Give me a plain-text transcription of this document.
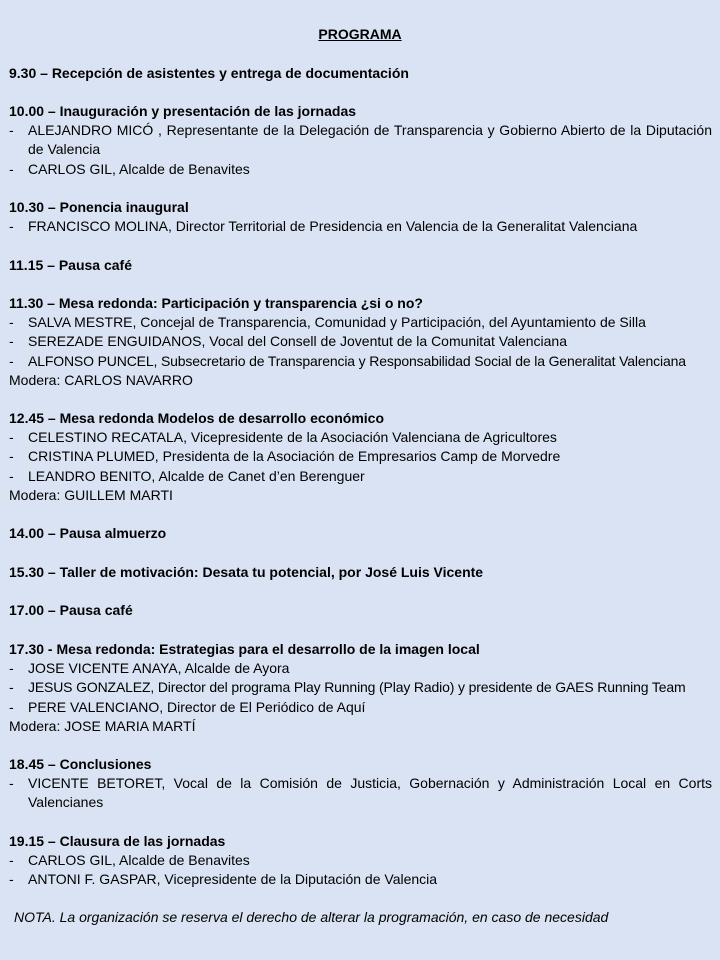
PROGRAMA
9.30 – Recepción de asistentes y entrega de documentación
10.00 – Inauguración y presentación de las jornadas
- ALEJANDRO MICÓ , Representante de la Delegación de Transparencia y Gobierno Abierto de la Diputación de Valencia
- CARLOS GIL, Alcalde de Benavites
10.30 – Ponencia inaugural
- FRANCISCO MOLINA, Director Territorial de Presidencia en Valencia de la Generalitat Valenciana
11.15 – Pausa café
11.30 – Mesa redonda: Participación y transparencia ¿si o no?
- SALVA MESTRE, Concejal de Transparencia, Comunidad y Participación, del Ayuntamiento de Silla
- SEREZADE ENGUIDANOS, Vocal del Consell de Joventut de la Comunitat Valenciana
- ALFONSO PUNCEL, Subsecretario de Transparencia y Responsabilidad Social de la Generalitat Valenciana
Modera: CARLOS NAVARRO
12.45 – Mesa redonda Modelos de desarrollo económico
- CELESTINO RECATALA, Vicepresidente de la Asociación Valenciana de Agricultores
- CRISTINA PLUMED, Presidenta de la Asociación de Empresarios Camp de Morvedre
- LEANDRO BENITO, Alcalde de Canet d’en Berenguer
Modera: GUILLEM MARTI
14.00 – Pausa almuerzo
15.30 – Taller de motivación: Desata tu potencial, por José Luis Vicente
17.00 – Pausa café
17.30 - Mesa redonda: Estrategias para el desarrollo de la imagen local
- JOSE VICENTE ANAYA, Alcalde de Ayora
- JESUS GONZALEZ, Director del programa Play Running (Play Radio) y presidente de GAES Running Team
- PERE VALENCIANO, Director de El Periódico de Aquí
Modera: JOSE MARIA MARTÍ
18.45 – Conclusiones
- VICENTE BETORET, Vocal de la Comisión de Justicia, Gobernación y Administración Local en Corts Valencianes
19.15 – Clausura de las jornadas
- CARLOS GIL, Alcalde de Benavites
- ANTONI F. GASPAR, Vicepresidente de la Diputación de Valencia
NOTA. La organización se reserva el derecho de alterar la programación, en caso de necesidad
